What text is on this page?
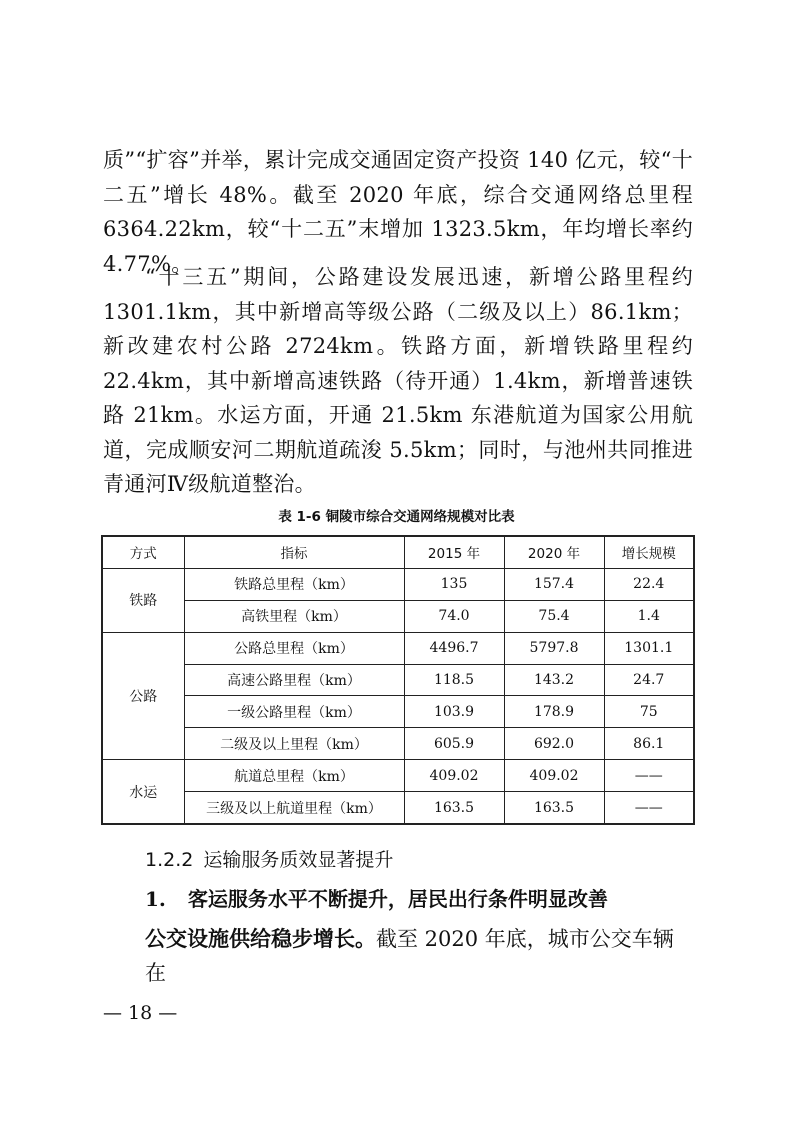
质”“扩容”并举，累计完成交通固定资产投资 140 亿元，较“十二五”增长 48%。截至 2020 年底，综合交通网络总里程 6364.22km，较“十二五”末增加 1323.5km，年均增长率约 4.77%。

“十三五”期间，公路建设发展迅速，新增公路里程约 1301.1km，其中新增高等级公路（二级及以上）86.1km；新改建农村公路 2724km。铁路方面，新增铁路里程约 22.4km，其中新增高速铁路（待开通）1.4km，新增普速铁路 21km。水运方面，开通 21.5km 东港航道为国家公用航道，完成顺安河二期航道疏浚 5.5km；同时，与池州共同推进青通河Ⅳ级航道整治。

表 1-6 铜陵市综合交通网络规模对比表
方式	指标	2015 年	2020 年	增长规模
铁路	铁路总里程（km）	135	157.4	22.4
	高铁里程（km）	74.0	75.4	1.4
公路	公路总里程（km）	4496.7	5797.8	1301.1
	高速公路里程（km）	118.5	143.2	24.7
	一级公路里程（km）	103.9	178.9	75
	二级及以上里程（km）	605.9	692.0	86.1
水运	航道总里程（km）	409.02	409.02	——
	三级及以上航道里程（km）	163.5	163.5	——
1.2.2 运输服务质效显著提升
1. 客运服务水平不断提升，居民出行条件明显改善

公交设施供给稳步增长。截至 2020 年底，城市公交车辆在

— 18 —
